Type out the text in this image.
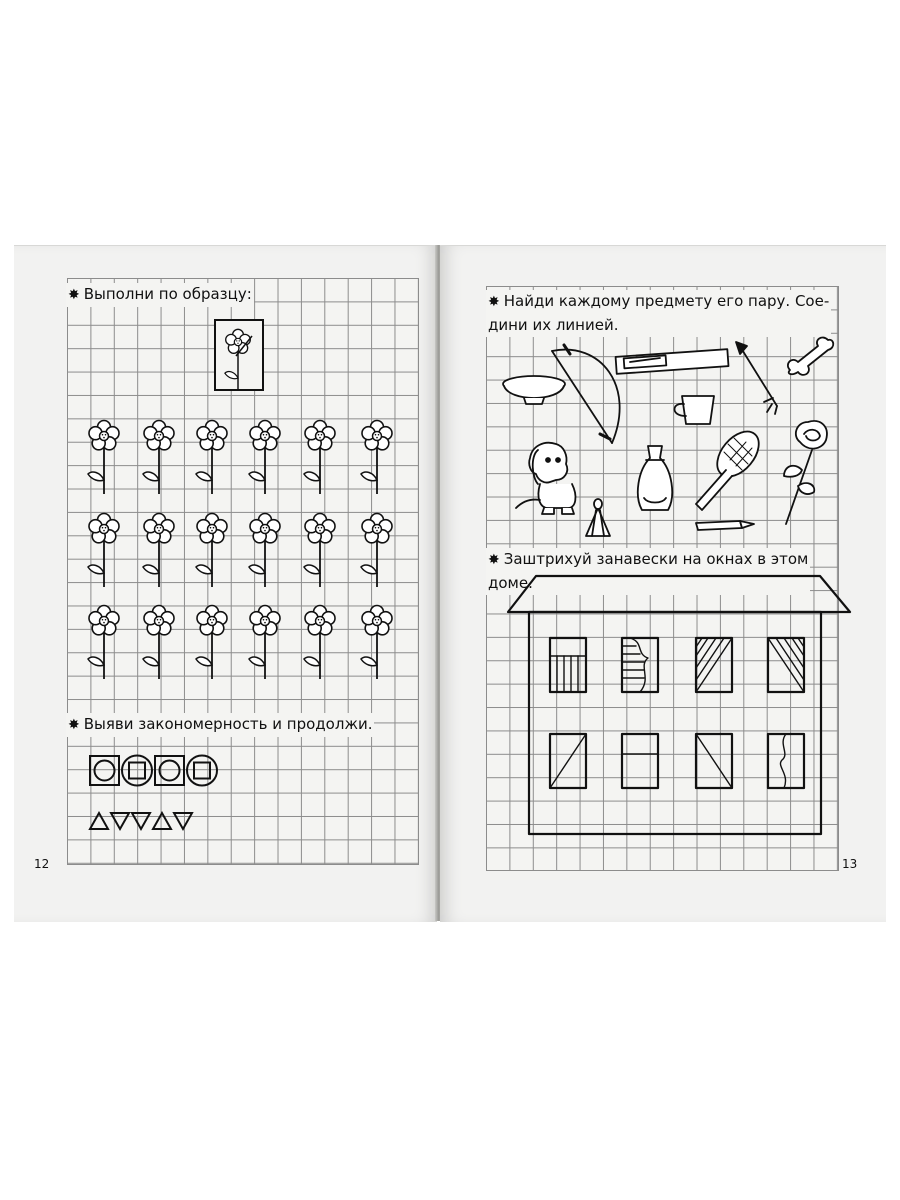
✸ Выполни по образцу:

✸ Выяви закономерность и продолжи.

12

✸ Найди каждому предмету его пару. Сое-
дини их линией.

✸ Заштрихуй занавески на окнах в этом
доме.

13
